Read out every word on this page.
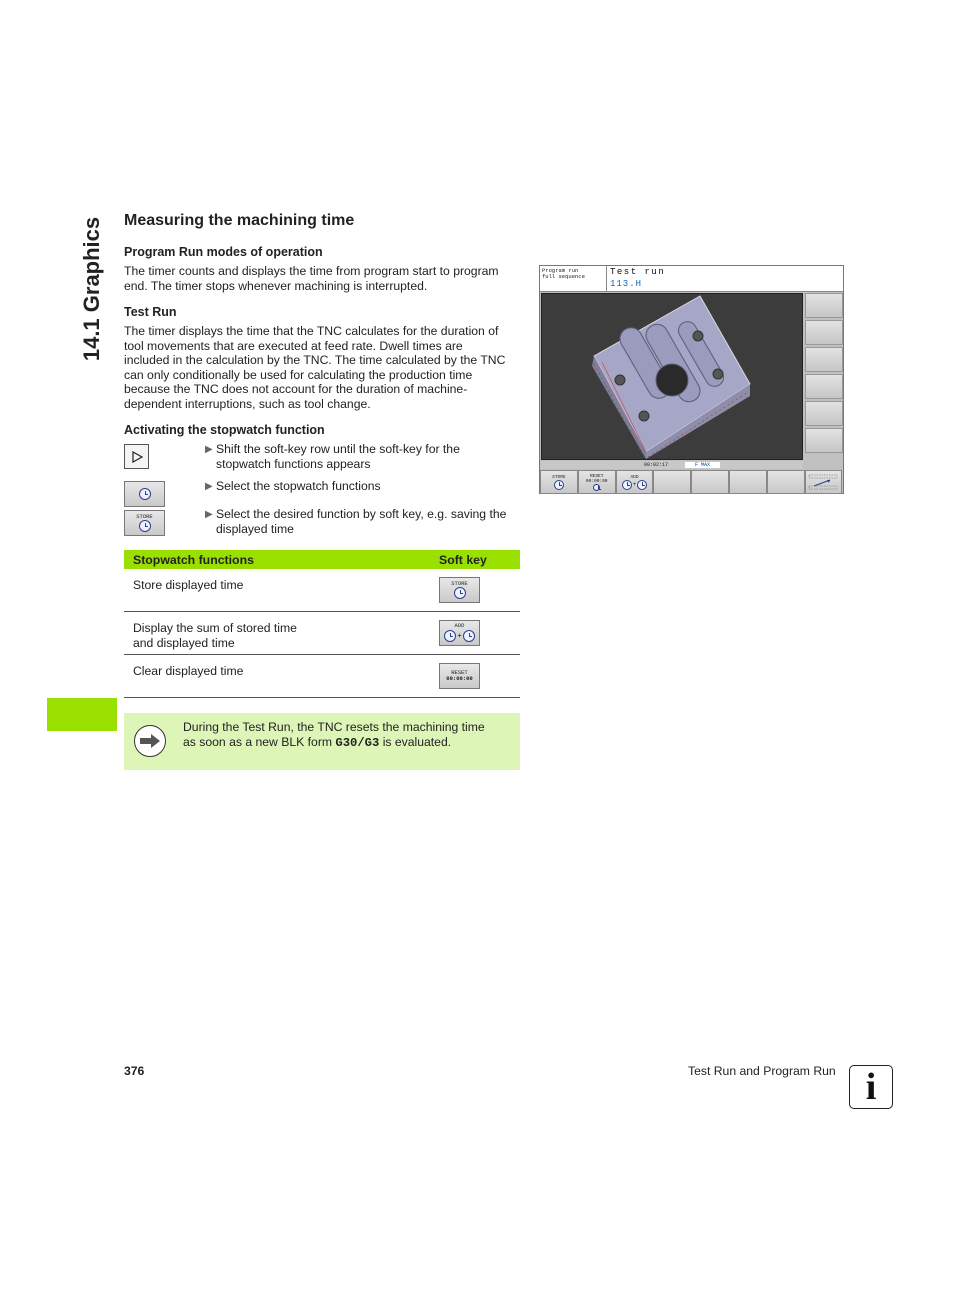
14.1 Graphics Measuring the machining time
Program Run modes of operation
The timer counts and displays the time from program start to program
end. The timer stops whenever machining is interrupted.
Test Run
The timer displays the time that the TNC calculates for the duration of
tool movements that are executed at feed rate. Dwell times are
included in the calculation by the TNC. The time calculated by the TNC
can only conditionally be used for calculating the production time
because the TNC does not account for the duration of machine-
dependent interruptions, such as tool change.
Activating the stopwatch function
STORE
▶ Shift the soft-key row until the soft-key for the
stopwatch functions appears
▶ Select the stopwatch functions
▶ Select the desired function by soft key, e.g. saving the
displayed time
Stopwatch functions	Soft key
Store displayed time	STORE
Display the sum of stored time
and displayed time
ADD
+
Clear displayed time	RESET
00:00:00
During the Test Run, the TNC resets the machining time
as soon as a new BLK form G30/G3 is evaluated.
Program run
full sequence	Test run
113.H
00:02:17	F MAX
STORE	RESET
00:00:00
ADD
+
376	Test Run and Program Run i
